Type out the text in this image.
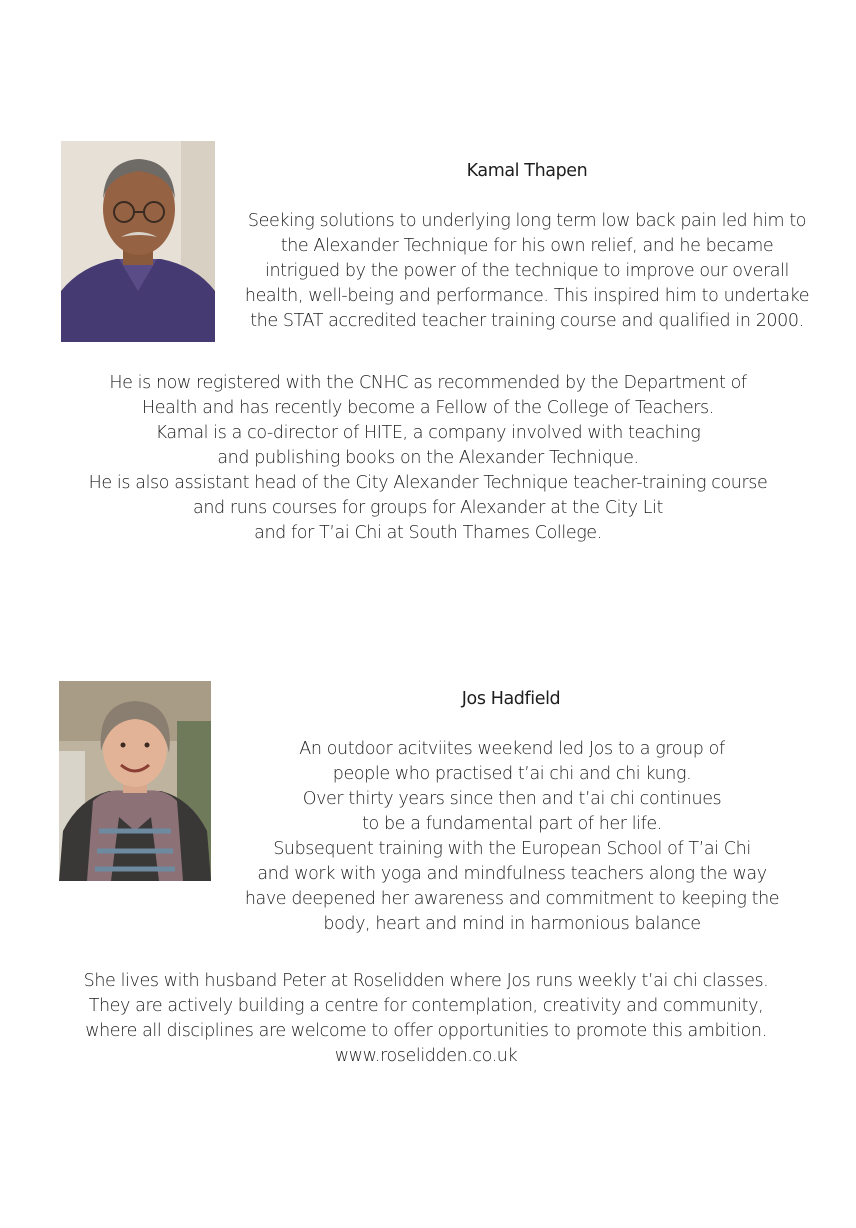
Kamal Thapen
Seeking solutions to underlying long term low back pain led him to
the Alexander Technique for his own relief, and he became
intrigued by the power of the technique to improve our overall
health, well-being and performance. This inspired him to undertake
the STAT accredited teacher training course and qualified in 2000.
He is now registered with the CNHC as recommended by the Department of
Health and has recently become a Fellow of the College of Teachers.
Kamal is a co-director of HITE, a company involved with teaching
and publishing books on the Alexander Technique.
He is also assistant head of the City Alexander Technique teacher-training course
and runs courses for groups for Alexander at the City Lit
and for T’ai Chi at South Thames College.
Jos Hadfield
An outdoor acitviites weekend led Jos to a group of
people who practised t’ai chi and chi kung.
Over thirty years since then and t’ai chi continues
to be a fundamental part of her life.
Subsequent training with the European School of T’ai Chi
and work with yoga and mindfulness teachers along the way
have deepened her awareness and commitment to keeping the
body, heart and mind in harmonious balance
She lives with husband Peter at Roselidden where Jos runs weekly t’ai chi classes.
They are actively building a centre for contemplation, creativity and community,
where all disciplines are welcome to offer opportunities to promote this ambition.
www.roselidden.co.uk
